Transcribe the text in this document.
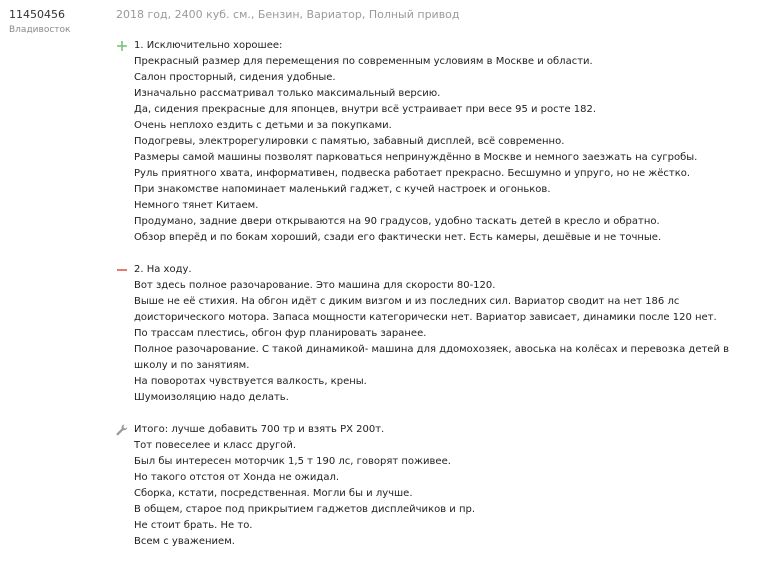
11450456
Владивосток
2018 год, 2400 куб. см., Бензин, Вариатор, Полный привод
1. Исключительно хорошее:
Прекрасный размер для перемещения по современным условиям в Москве и области.
Салон просторный, сидения удобные.
Изначально рассматривал только максимальный версию.
Да, сидения прекрасные для японцев, внутри всё устраивает при весе 95 и росте 182.
Очень неплохо ездить с детьми и за покупками.
Подогревы, электрорегулировки с памятью, забавный дисплей, всё современно.
Размеры самой машины позволят парковаться непринуждённо в Москве и немного заезжать на сугробы.
Руль приятного хвата, информативен, подвеска работает прекрасно. Бесшумно и упруго, но не жёстко.
При знакомстве напоминает маленький гаджет, с кучей настроек и огоньков.
Немного тянет Китаем.
Продумано, задние двери открываются на 90 градусов, удобно таскать детей в кресло и обратно.
Обзор вперёд и по бокам хороший, сзади его фактически нет. Есть камеры, дешёвые и не точные.
2. На ходу.
Вот здесь полное разочарование. Это машина для скорости 80-120.
Выше не её стихия. На обгон идёт с диким визгом и из последних сил. Вариатор сводит на нет 186 лс
доисторического мотора. Запаса мощности категорически нет. Вариатор зависает, динамики после 120 нет.
По трассам плестись, обгон фур планировать заранее.
Полное разочарование. С такой динамикой- машина для ддомохозяек, авоська на колёсах и перевозка детей в
школу и по занятиям.
На поворотах чувствуется валкость, крены.
Шумоизоляцию надо делать.
Итого: лучше добавить 700 тр и взять РХ 200т.
Тот повеселее и класс другой.
Был бы интересен моторчик 1,5 т 190 лс, говорят поживее.
Но такого отстоя от Хонда не ожидал.
Сборка, кстати, посредственная. Могли бы и лучше.
В общем, старое под прикрытием гаджетов дисплейчиков и пр.
Не стоит брать. Не то.
Всем с уважением.
